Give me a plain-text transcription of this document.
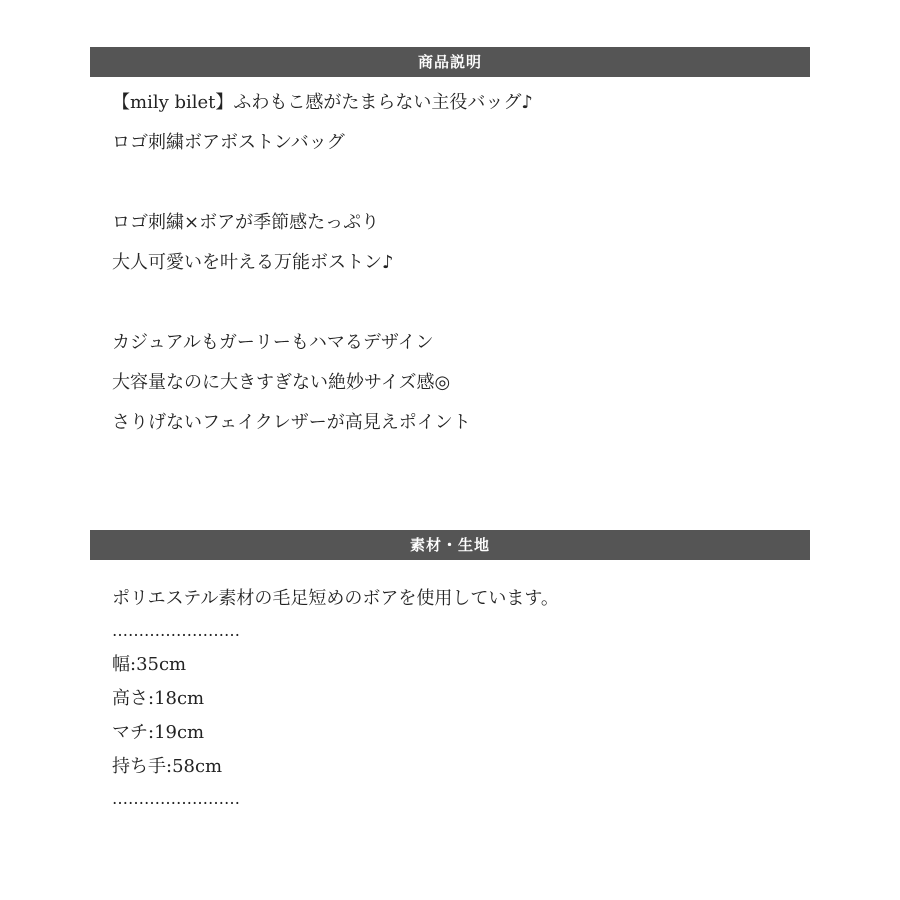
商品説明
【mily bilet】ふわもこ感がたまらない主役バッグ♪
ロゴ刺繍ボアボストンバッグ
ロゴ刺繍×ボアが季節感たっぷり
大人可愛いを叶える万能ボストン♪
カジュアルもガーリーもハマるデザイン
大容量なのに大きすぎない絶妙サイズ感◎
さりげないフェイクレザーが高見えポイント
素材・生地
ポリエステル素材の毛足短めのボアを使用しています。
……………………
幅:35cm
高さ:18cm
マチ:19cm
持ち手:58cm
……………………
